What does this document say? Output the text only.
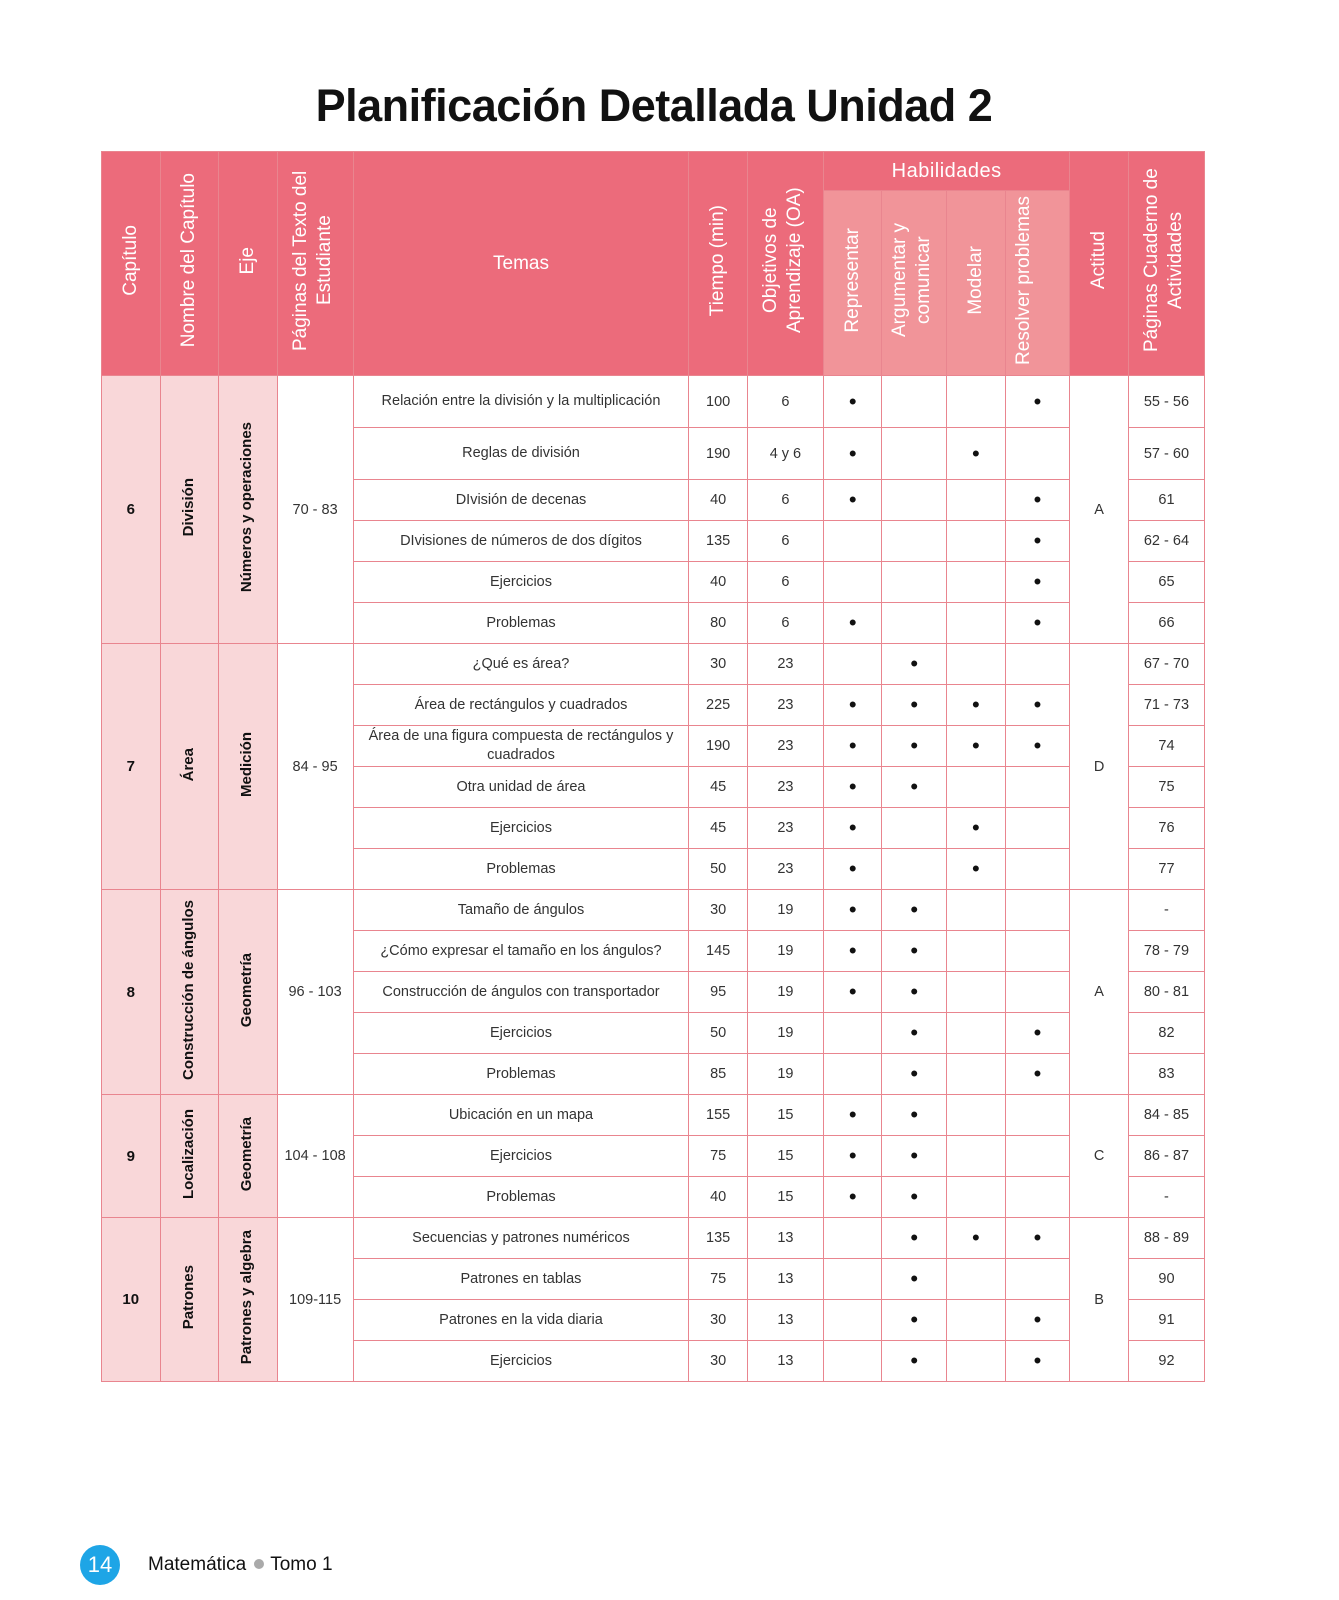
Planificación Detallada Unidad 2
Capítulo	Nombre del Capítulo	Eje	Páginas del Texto del Estudiante	Temas	Tiempo (min)	Objetivos de Aprendizaje (OA)	Habilidades				Actitud	Páginas Cuaderno de Actividades
							Representar	Argumentar y comunicar	Modelar	Resolver problemas		
6	División	Números y operaciones	70 - 83	Relación entre la división y la multiplicación	100	6	•			•	A	55 - 56
				Reglas de división	190	4 y 6	•		•			57 - 60
				DIvisión de decenas	40	6	•			•		61
				DIvisiones de números de dos dígitos	135	6				•		62 - 64
				Ejercicios	40	6				•		65
				Problemas	80	6	•			•		66
7	Área	Medición	84 - 95	¿Qué es área?	30	23		•			D	67 - 70
				Área de rectángulos y cuadrados	225	23	•	•	•	•		71 - 73
				Área de una figura compuesta de rectángulos y cuadrados	190	23	•	•	•	•		74
				Otra unidad de área	45	23	•	•				75
				Ejercicios	45	23	•		•			76
				Problemas	50	23	•		•			77
8	Construcción de ángulos	Geometría	96 - 103	Tamaño de ángulos	30	19	•	•			A	-
				¿Cómo expresar el tamaño en los ángulos?	145	19	•	•				78 - 79
				Construcción de ángulos con transportador	95	19	•	•				80 - 81
				Ejercicios	50	19		•		•		82
				Problemas	85	19		•		•		83
9	Localización	Geometría	104 - 108	Ubicación en un mapa	155	15	•	•			C	84 - 85
				Ejercicios	75	15	•	•				86 - 87
				Problemas	40	15	•	•				-
10	Patrones	Patrones y algebra	109-115	Secuencias y patrones numéricos	135	13		•	•	•	B	88 - 89
				Patrones en tablas	75	13		•				90
				Patrones en la vida diaria	30	13		•		•		91
				Ejercicios	30	13		•		•		92
14	Matemática Tomo 1
